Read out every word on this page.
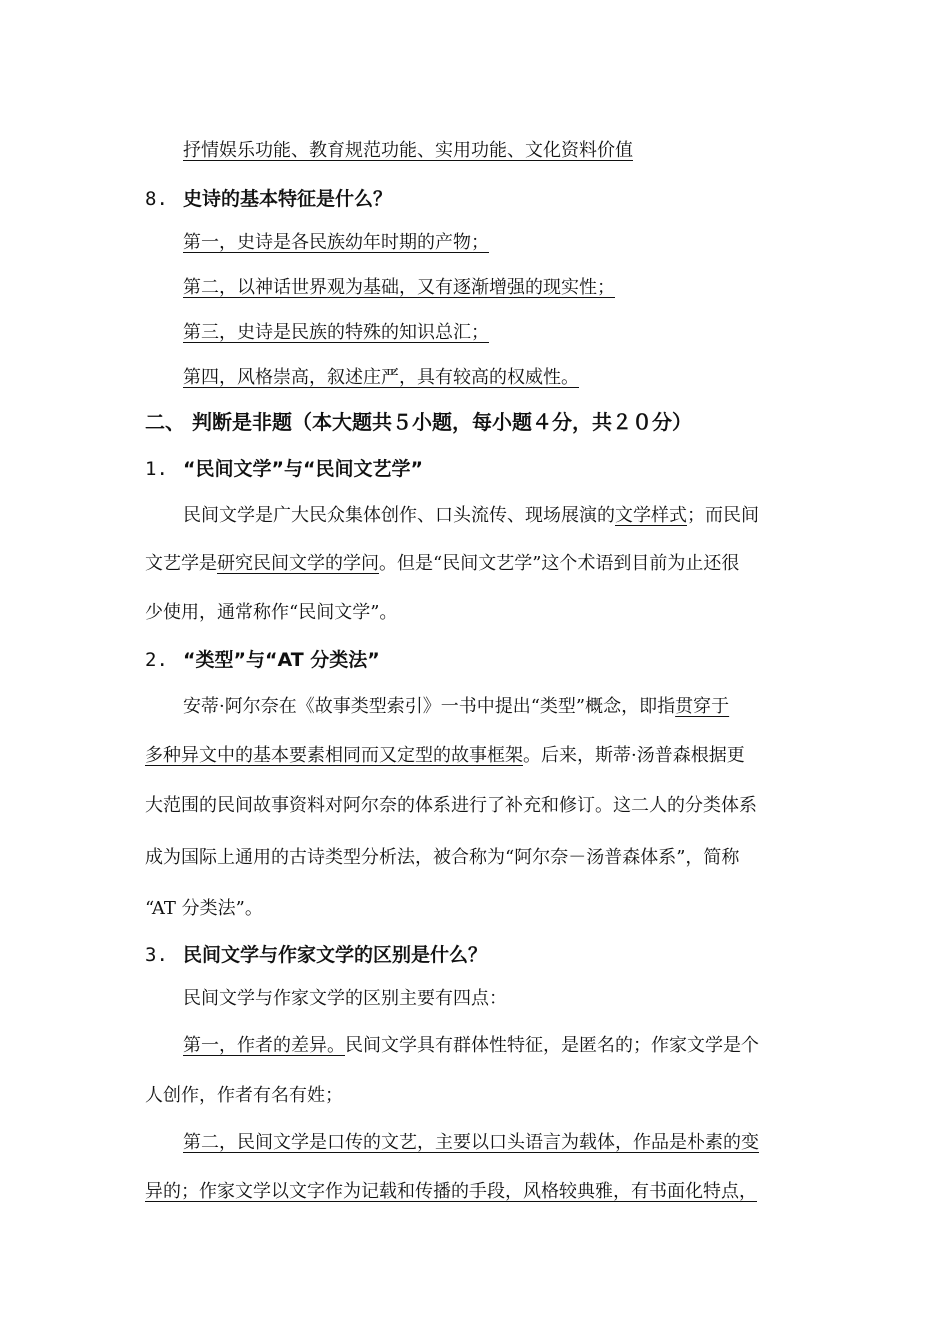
抒情娱乐功能、教育规范功能、实用功能、文化资料价值
8. 史诗的基本特征是什么？
第一，史诗是各民族幼年时期的产物；
第二，以神话世界观为基础，又有逐渐增强的现实性；
第三，史诗是民族的特殊的知识总汇；
第四，风格崇高，叙述庄严，具有较高的权威性。
二、 判断是非题（本大题共５小题，每小题４分，共２０分）
1. “民间文学”与“民间文艺学”
民间文学是广大民众集体创作、口头流传、现场展演的文学样式；而民间
文艺学是研究民间文学的学问。但是“民间文艺学”这个术语到目前为止还很
少使用，通常称作“民间文学”。
2. “类型”与“AT 分类法”
安蒂·阿尔奈在《故事类型索引》一书中提出“类型”概念，即指贯穿于
多种异文中的基本要素相同而又定型的故事框架。后来，斯蒂·汤普森根据更
大范围的民间故事资料对阿尔奈的体系进行了补充和修订。这二人的分类体系
成为国际上通用的古诗类型分析法，被合称为“阿尔奈－汤普森体系”，简称
“AT 分类法”。
3. 民间文学与作家文学的区别是什么？
民间文学与作家文学的区别主要有四点：
第一，作者的差异。民间文学具有群体性特征，是匿名的；作家文学是个
人创作，作者有名有姓；
第二，民间文学是口传的文艺，主要以口头语言为载体，作品是朴素的变
异的；作家文学以文字作为记载和传播的手段，风格较典雅，有书面化特点，
